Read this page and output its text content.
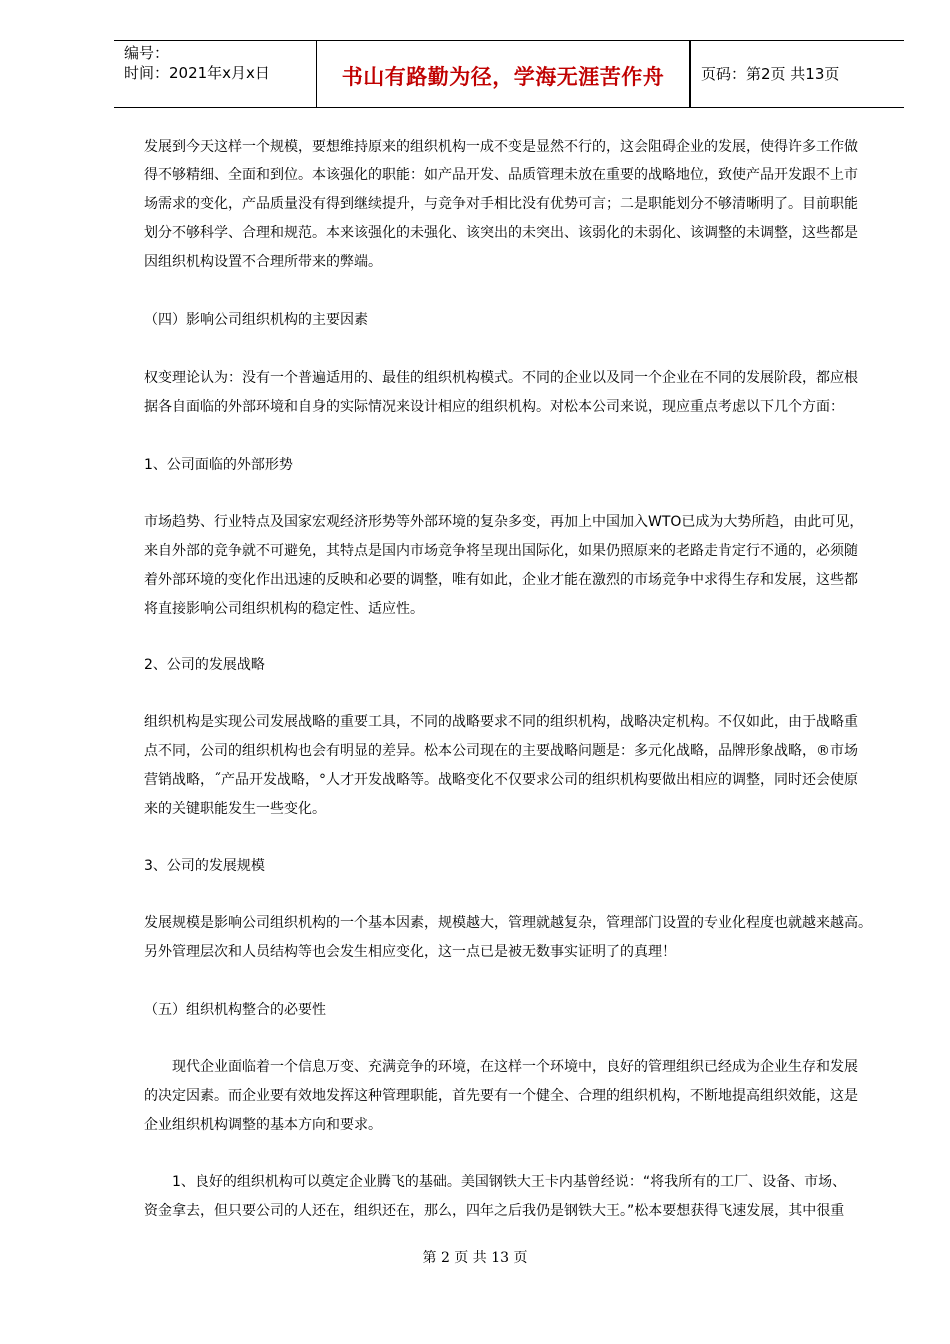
编号：
时间：2021年x月x日	书山有路勤为径，学海无涯苦作舟	页码：第2页 共13页
发展到今天这样一个规模，要想维持原来的组织机构一成不变是显然不行的，这会阻碍企业的发展，使得许多工作做
得不够精细、全面和到位。本该强化的职能：如产品开发、品质管理未放在重要的战略地位，致使产品开发跟不上市
场需求的变化，产品质量没有得到继续提升，与竞争对手相比没有优势可言；二是职能划分不够清晰明了。目前职能
划分不够科学、合理和规范。本来该强化的未强化、该突出的未突出、该弱化的未弱化、该调整的未调整，这些都是
因组织机构设置不合理所带来的弊端。
（四）影响公司组织机构的主要因素
权变理论认为：没有一个普遍适用的、最佳的组织机构模式。不同的企业以及同一个企业在不同的发展阶段，都应根
据各自面临的外部环境和自身的实际情况来设计相应的组织机构。对松本公司来说，现应重点考虑以下几个方面：
1、公司面临的外部形势
市场趋势、行业特点及国家宏观经济形势等外部环境的复杂多变，再加上中国加入WTO已成为大势所趋，由此可见，
来自外部的竞争就不可避免，其特点是国内市场竞争将呈现出国际化，如果仍照原来的老路走肯定行不通的，必须随
着外部环境的变化作出迅速的反映和必要的调整，唯有如此，企业才能在激烈的市场竞争中求得生存和发展，这些都
将直接影响公司组织机构的稳定性、适应性。
2、公司的发展战略
组织机构是实现公司发展战略的重要工具，不同的战略要求不同的组织机构，战略决定机构。不仅如此，由于战略重
点不同，公司的组织机构也会有明显的差异。松本公司现在的主要战略问题是：多元化战略，品牌形象战略，®市场
营销战略，˝产品开发战略，°人才开发战略等。战略变化不仅要求公司的组织机构要做出相应的调整，同时还会使原
来的关键职能发生一些变化。
3、公司的发展规模
发展规模是影响公司组织机构的一个基本因素，规模越大，管理就越复杂，管理部门设置的专业化程度也就越来越高。
另外管理层次和人员结构等也会发生相应变化，这一点已是被无数事实证明了的真理！
（五）组织机构整合的必要性
现代企业面临着一个信息万变、充满竞争的环境，在这样一个环境中，良好的管理组织已经成为企业生存和发展
的决定因素。而企业要有效地发挥这种管理职能，首先要有一个健全、合理的组织机构，不断地提高组织效能，这是
企业组织机构调整的基本方向和要求。
1、良好的组织机构可以奠定企业腾飞的基础。美国钢铁大王卡内基曾经说：“将我所有的工厂、设备、市场、
资金拿去，但只要公司的人还在，组织还在，那么，四年之后我仍是钢铁大王。”松本要想获得飞速发展，其中很重
第 2 页 共 13 页
